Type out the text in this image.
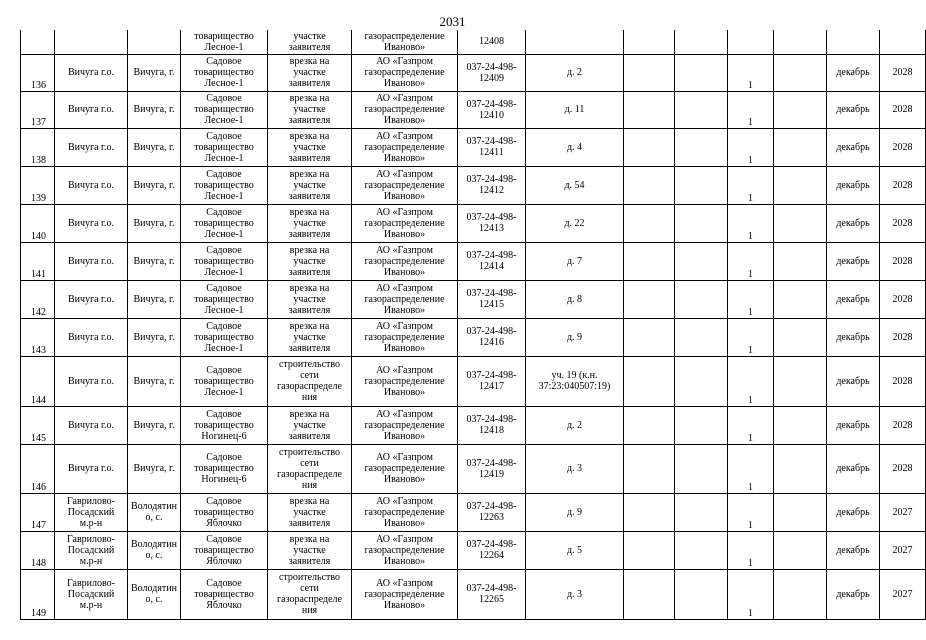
2031
			товарищество
Лесное-1	участке
заявителя	газораспределение
Иваново»	12408							
136	Вичуга г.о.	Вичуга, г.	Садовое
товарищество
Лесное-1	врезка на
участке
заявителя	АО «Газпром
газораспределение
Иваново»	037-24-498-
12409	д. 2			1		декабрь	2028
137	Вичуга г.о.	Вичуга, г.	Садовое
товарищество
Лесное-1	врезка на
участке
заявителя	АО «Газпром
газораспределение
Иваново»	037-24-498-
12410	д. 11			1		декабрь	2028
138	Вичуга г.о.	Вичуга, г.	Садовое
товарищество
Лесное-1	врезка на
участке
заявителя	АО «Газпром
газораспределение
Иваново»	037-24-498-
12411	д. 4			1		декабрь	2028
139	Вичуга г.о.	Вичуга, г.	Садовое
товарищество
Лесное-1	врезка на
участке
заявителя	АО «Газпром
газораспределение
Иваново»	037-24-498-
12412	д. 54			1		декабрь	2028
140	Вичуга г.о.	Вичуга, г.	Садовое
товарищество
Лесное-1	врезка на
участке
заявителя	АО «Газпром
газораспределение
Иваново»	037-24-498-
12413	д. 22			1		декабрь	2028
141	Вичуга г.о.	Вичуга, г.	Садовое
товарищество
Лесное-1	врезка на
участке
заявителя	АО «Газпром
газораспределение
Иваново»	037-24-498-
12414	д. 7			1		декабрь	2028
142	Вичуга г.о.	Вичуга, г.	Садовое
товарищество
Лесное-1	врезка на
участке
заявителя	АО «Газпром
газораспределение
Иваново»	037-24-498-
12415	д. 8			1		декабрь	2028
143	Вичуга г.о.	Вичуга, г.	Садовое
товарищество
Лесное-1	врезка на
участке
заявителя	АО «Газпром
газораспределение
Иваново»	037-24-498-
12416	д. 9			1		декабрь	2028
144	Вичуга г.о.	Вичуга, г.	Садовое
товарищество
Лесное-1	строительство
сети
газораспределе
ния	АО «Газпром
газораспределение
Иваново»	037-24-498-
12417	уч. 19 (к.н.
37:23:040507:19)			1		декабрь	2028
145	Вичуга г.о.	Вичуга, г.	Садовое
товарищество
Ногинец-6	врезка на
участке
заявителя	АО «Газпром
газораспределение
Иваново»	037-24-498-
12418	д. 2			1		декабрь	2028
146	Вичуга г.о.	Вичуга, г.	Садовое
товарищество
Ногинец-6	строительство
сети
газораспределе
ния	АО «Газпром
газораспределение
Иваново»	037-24-498-
12419	д. 3			1		декабрь	2028
147	Гаврилово-
Посадский
м.р-н	Володятин
о, с.	Садовое
товарищество
Яблочко	врезка на
участке
заявителя	АО «Газпром
газораспределение
Иваново»	037-24-498-
12263	д. 9			1		декабрь	2027
148	Гаврилово-
Посадский
м.р-н	Володятин
о, с.	Садовое
товарищество
Яблочко	врезка на
участке
заявителя	АО «Газпром
газораспределение
Иваново»	037-24-498-
12264	д. 5			1		декабрь	2027
149	Гаврилово-
Посадский
м.р-н	Володятин
о, с.	Садовое
товарищество
Яблочко	строительство
сети
газораспределе
ния	АО «Газпром
газораспределение
Иваново»	037-24-498-
12265	д. 3			1		декабрь	2027
